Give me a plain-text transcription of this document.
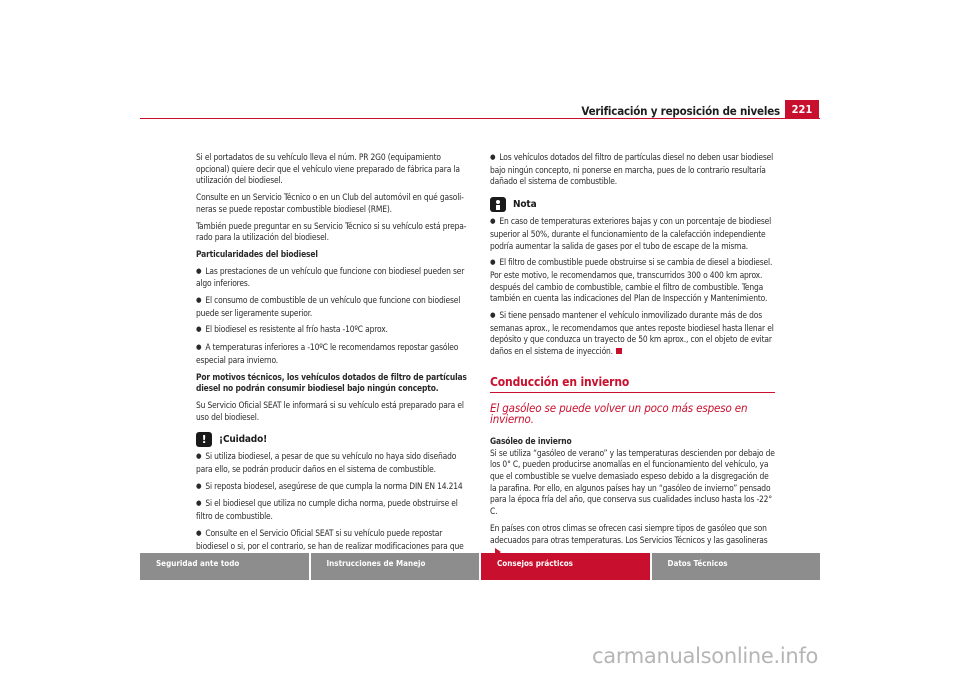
Verificación y reposición de niveles	221

Si el portadatos de su vehículo lleva el núm. PR 2G0 (equipamiento opcional) quiere decir que el vehículo viene preparado de fábrica para la utilización del biodiesel.

Consulte en un Servicio Técnico o en un Club del automóvil en qué gasolineras se puede repostar combustible biodiesel (RME).

También puede preguntar en su Servicio Técnico si su vehículo está preparado para la utilización del biodiesel.

Particularidades del biodiesel

● Las prestaciones de un vehículo que funcione con biodiesel pueden ser algo inferiores.

● El consumo de combustible de un vehículo que funcione con biodiesel puede ser ligeramente superior.

● El biodiesel es resistente al frío hasta -10ºC aprox.

● A temperaturas inferiores a -10ºC le recomendamos repostar gasóleo especial para invierno.

Por motivos técnicos, los vehículos dotados de filtro de partículas diesel no podrán consumir biodiesel bajo ningún concepto.

Su Servicio Oficial SEAT le informará si su vehículo está preparado para el uso del biodiesel.

!	¡Cuidado!

● Si utiliza biodiesel, a pesar de que su vehículo no haya sido diseñado para ello, se podrán producir daños en el sistema de combustible.

● Si reposta biodesel, asegúrese de que cumpla la norma DIN EN 14.214

● Si el biodiesel que utiliza no cumple dicha norma, puede obstruirse el filtro de combustible.

● Consulte en el Servicio Oficial SEAT si su vehículo puede repostar biodiesel o si, por el contrario, se han de realizar modificaciones para que

● Los vehículos dotados del filtro de partículas diesel no deben usar biodiesel bajo ningún concepto, ni ponerse en marcha, pues de lo contrario resultaría dañado el sistema de combustible.

Nota

● En caso de temperaturas exteriores bajas y con un porcentaje de biodiesel superior al 50%, durante el funcionamiento de la calefacción independiente podría aumentar la salida de gases por el tubo de escape de la misma.

● El filtro de combustible puede obstruirse si se cambia de diesel a biodiesel. Por este motivo, le recomendamos que, transcurridos 300 o 400 km aprox. después del cambio de combustible, cambie el filtro de combustible. Tenga también en cuenta las indicaciones del Plan de Inspección y Mantenimiento.

● Si tiene pensado mantener el vehículo inmovilizado durante más de dos semanas aprox., le recomendamos que antes reposte biodiesel hasta llenar el depósito y que conduzca un trayecto de 50 km aprox., con el objeto de evitar daños en el sistema de inyección.

Conducción en invierno
El gasóleo se puede volver un poco más espeso en invierno.

Gasóleo de invierno

Si se utiliza “gasóleo de verano” y las temperaturas descienden por debajo de los 0° C, pueden producirse anomalías en el funcionamiento del vehículo, ya que el combustible se vuelve demasiado espeso debido a la disgregación de la parafina. Por ello, en algunos países hay un “gasóleo de invierno” pensado para la época fría del año, que conserva sus cualidades incluso hasta los -22° C.

En países con otros climas se ofrecen casi siempre tipos de gasóleo que son adecuados para otras temperaturas. Los Servicios Técnicos y las gasolineras

Seguridad ante todo	Instrucciones de Manejo	Consejos prácticos	Datos Técnicos
carmanualsonline.info
